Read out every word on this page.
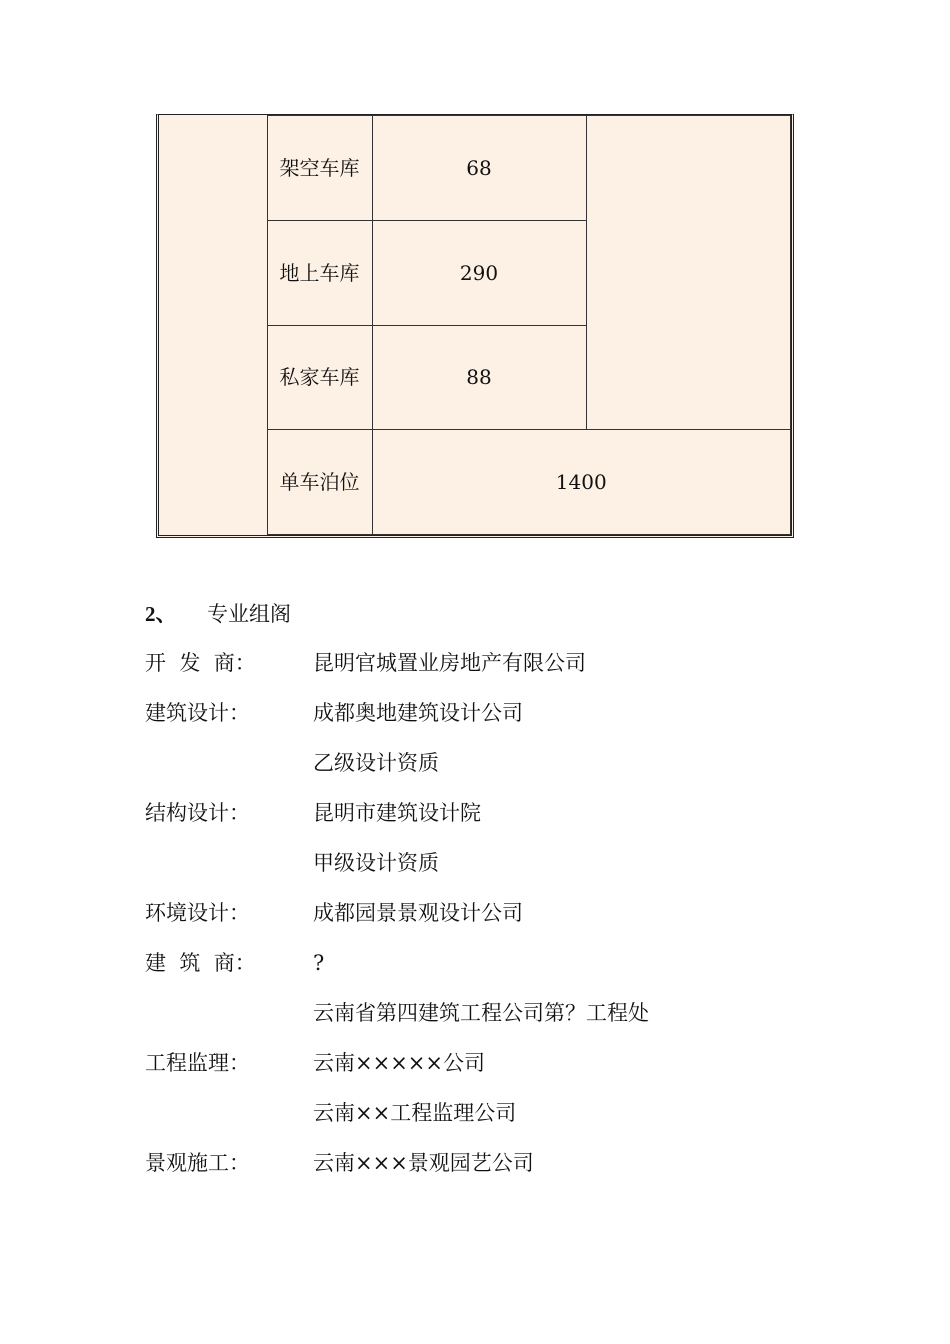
	架空车库	68	
	地上车库	290	
	私家车库	88	
	单车泊位	1400	
2、 专业组阁
开  发  商：	昆明官城置业房地产有限公司
建筑设计：	成都奥地建筑设计公司
乙级设计资质
结构设计：	昆明市建筑设计院
甲级设计资质
环境设计：	成都园景景观设计公司
建  筑  商：	?
云南省第四建筑工程公司第？工程处
工程监理：	云南×××××公司
云南××工程监理公司
景观施工：	云南×××景观园艺公司
